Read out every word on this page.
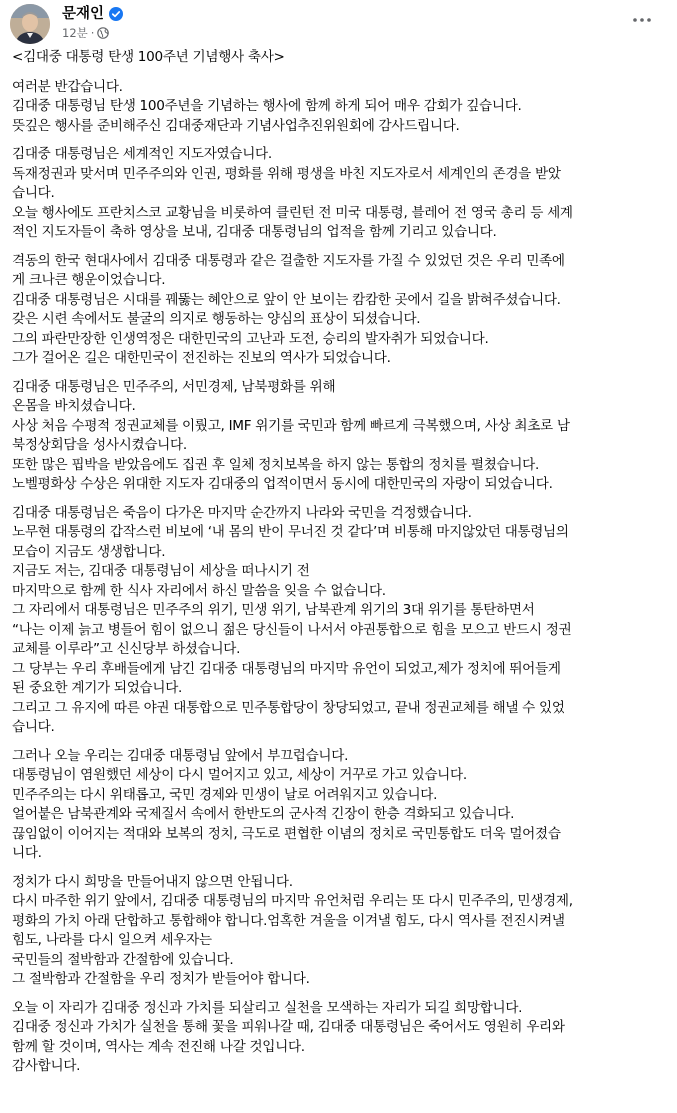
문재인
12분 ·

<김대중 대통령 탄생 100주년 기념행사 축사>

여러분 반갑습니다.
김대중 대통령님 탄생 100주년을 기념하는 행사에 함께 하게 되어 매우 감회가 깊습니다.
뜻깊은 행사를 준비해주신 김대중재단과 기념사업추진위원회에 감사드립니다.

김대중 대통령님은 세계적인 지도자였습니다.
독재정권과 맞서며 민주주의와 인권, 평화를 위해 평생을 바친 지도자로서 세계인의 존경을 받았
습니다.
오늘 행사에도 프란치스코 교황님을 비롯하여 클린턴 전 미국 대통령, 블레어 전 영국 총리 등 세계
적인 지도자들이 축하 영상을 보내, 김대중 대통령님의 업적을 함께 기리고 있습니다.

격동의 한국 현대사에서 김대중 대통령과 같은 걸출한 지도자를 가질 수 있었던 것은 우리 민족에
게 크나큰 행운이었습니다.
김대중 대통령님은 시대를 꿰뚫는 혜안으로 앞이 안 보이는 캄캄한 곳에서 길을 밝혀주셨습니다.
갖은 시련 속에서도 불굴의 의지로 행동하는 양심의 표상이 되셨습니다.
그의 파란만장한 인생역정은 대한민국의 고난과 도전, 승리의 발자취가 되었습니다.
그가 걸어온 길은 대한민국이 전진하는 진보의 역사가 되었습니다.

김대중 대통령님은 민주주의, 서민경제, 남북평화를 위해
온몸을 바치셨습니다.
사상 처음 수평적 정권교체를 이뤘고, IMF 위기를 국민과 함께 빠르게 극복했으며, 사상 최초로 남
북정상회담을 성사시켰습니다.
또한 많은 핍박을 받았음에도 집권 후 일체 정치보복을 하지 않는 통합의 정치를 펼쳤습니다.
노벨평화상 수상은 위대한 지도자 김대중의 업적이면서 동시에 대한민국의 자랑이 되었습니다.

김대중 대통령님은 죽음이 다가온 마지막 순간까지 나라와 국민을 걱정했습니다.
노무현 대통령의 갑작스런 비보에 ‘내 몸의 반이 무너진 것 같다’며 비통해 마지않았던 대통령님의
모습이 지금도 생생합니다.
지금도 저는, 김대중 대통령님이 세상을 떠나시기 전
마지막으로 함께 한 식사 자리에서 하신 말씀을 잊을 수 없습니다.
그 자리에서 대통령님은 민주주의 위기, 민생 위기, 남북관계 위기의 3대 위기를 통탄하면서
“나는 이제 늙고 병들어 힘이 없으니 젊은 당신들이 나서서 야권통합으로 힘을 모으고 반드시 정권
교체를 이루라”고 신신당부 하셨습니다.
그 당부는 우리 후배들에게 남긴 김대중 대통령님의 마지막 유언이 되었고,제가 정치에 뛰어들게
된 중요한 계기가 되었습니다.
그리고 그 유지에 따른 야권 대통합으로 민주통합당이 창당되었고, 끝내 정권교체를 해낼 수 있었
습니다.

그러나 오늘 우리는 김대중 대통령님 앞에서 부끄럽습니다.
대통령님이 염원했던 세상이 다시 멀어지고 있고, 세상이 거꾸로 가고 있습니다.
민주주의는 다시 위태롭고, 국민 경제와 민생이 날로 어려워지고 있습니다.
얼어붙은 남북관계와 국제질서 속에서 한반도의 군사적 긴장이 한층 격화되고 있습니다.
끊임없이 이어지는 적대와 보복의 정치, 극도로 편협한 이념의 정치로 국민통합도 더욱 멀어졌습
니다.

정치가 다시 희망을 만들어내지 않으면 안됩니다.
다시 마주한 위기 앞에서, 김대중 대통령님의 마지막 유언처럼 우리는 또 다시 민주주의, 민생경제,
평화의 가치 아래 단합하고 통합해야 합니다.엄혹한 겨울을 이겨낼 힘도, 다시 역사를 전진시켜낼
힘도, 나라를 다시 일으켜 세우자는
국민들의 절박함과 간절함에 있습니다.
그 절박함과 간절함을 우리 정치가 받들어야 합니다.

오늘 이 자리가 김대중 정신과 가치를 되살리고 실천을 모색하는 자리가 되길 희망합니다.
김대중 정신과 가치가 실천을 통해 꽃을 피워나갈 때, 김대중 대통령님은 죽어서도 영원히 우리와
함께 할 것이며, 역사는 계속 전진해 나갈 것입니다.
감사합니다.
